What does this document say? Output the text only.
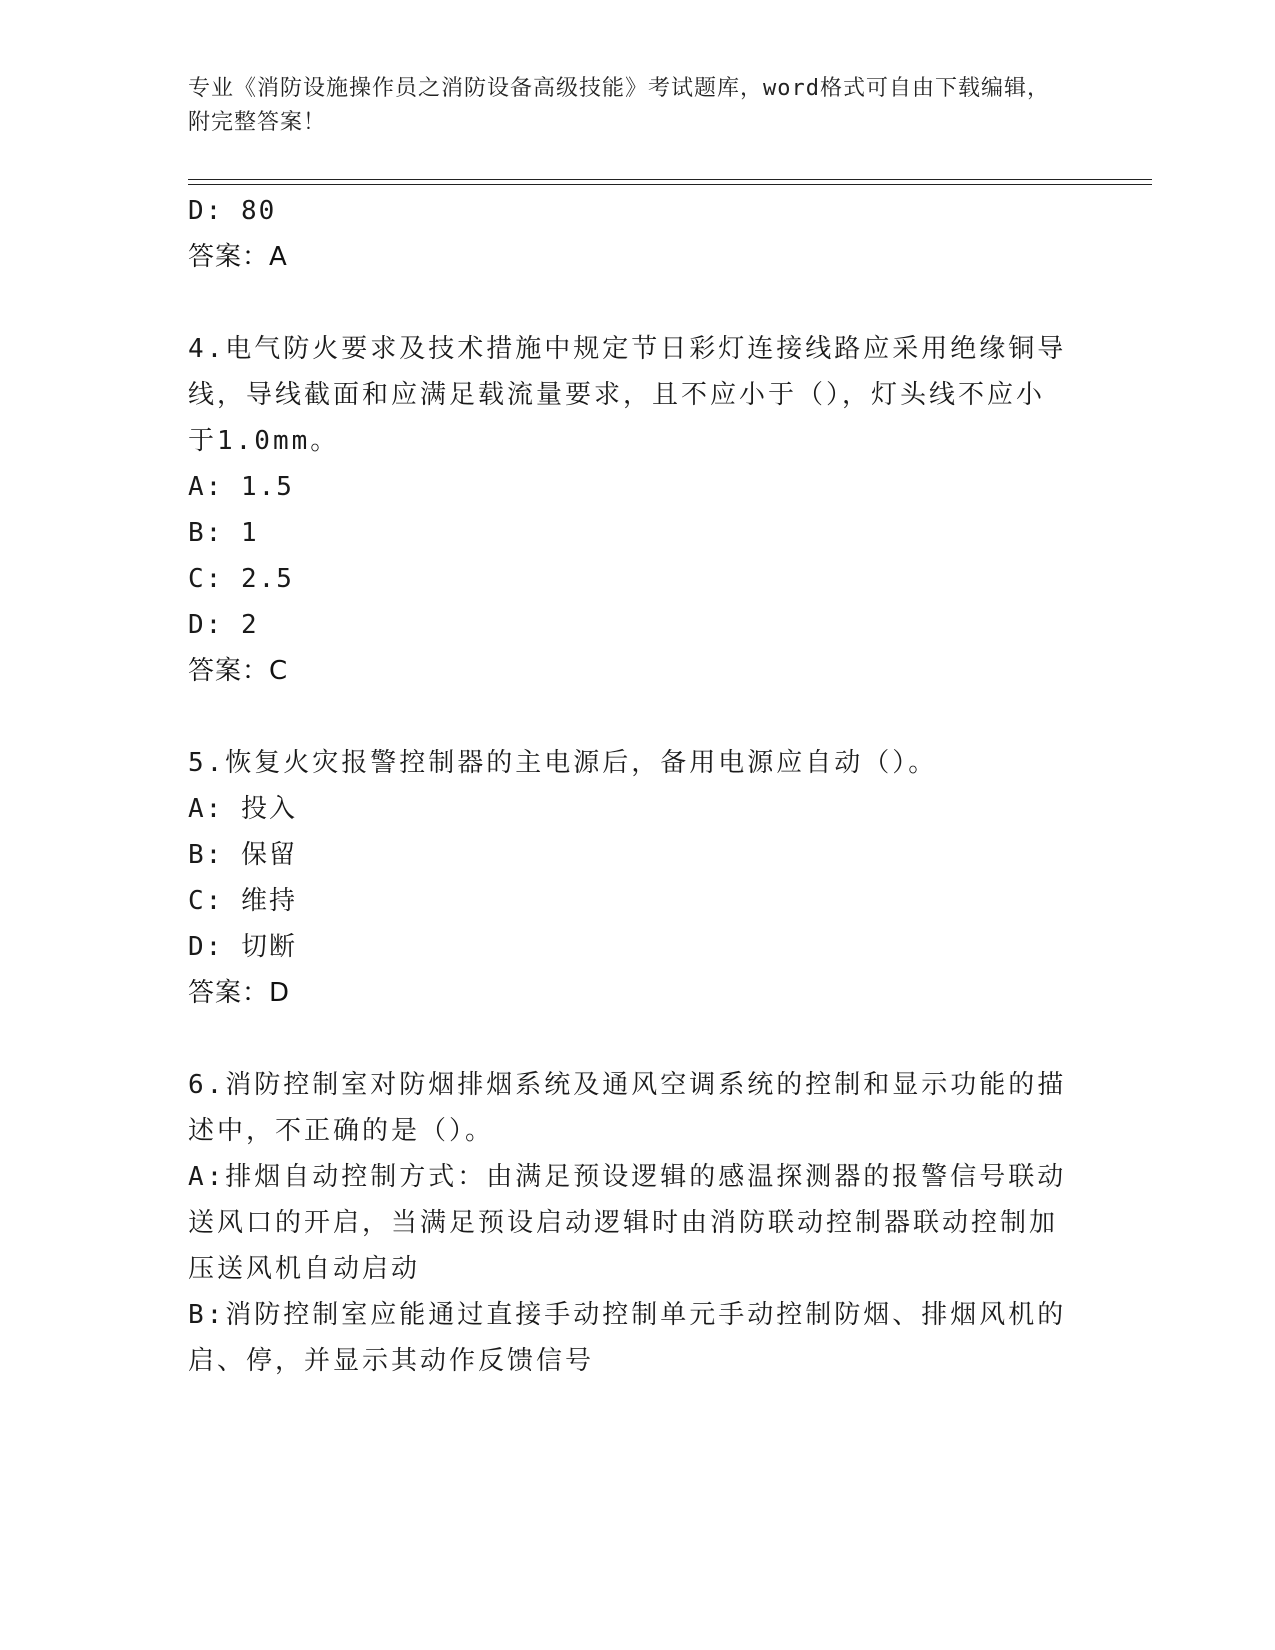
专业《消防设施操作员之消防设备高级技能》考试题库，word格式可自由下载编辑，附完整答案！
D: 80
答案：A
4.电气防火要求及技术措施中规定节日彩灯连接线路应采用绝缘铜导
线，导线截面和应满足载流量要求，且不应小于（），灯头线不应小
于1.0mm。
A: 1.5
B: 1
C: 2.5
D: 2
答案：C
5.恢复火灾报警控制器的主电源后，备用电源应自动（）。
A: 投入
B: 保留
C: 维持
D: 切断
答案：D
6.消防控制室对防烟排烟系统及通风空调系统的控制和显示功能的描
述中，不正确的是（）。
A:排烟自动控制方式：由满足预设逻辑的感温探测器的报警信号联动
送风口的开启，当满足预设启动逻辑时由消防联动控制器联动控制加
压送风机自动启动
B:消防控制室应能通过直接手动控制单元手动控制防烟、排烟风机的
启、停，并显示其动作反馈信号
